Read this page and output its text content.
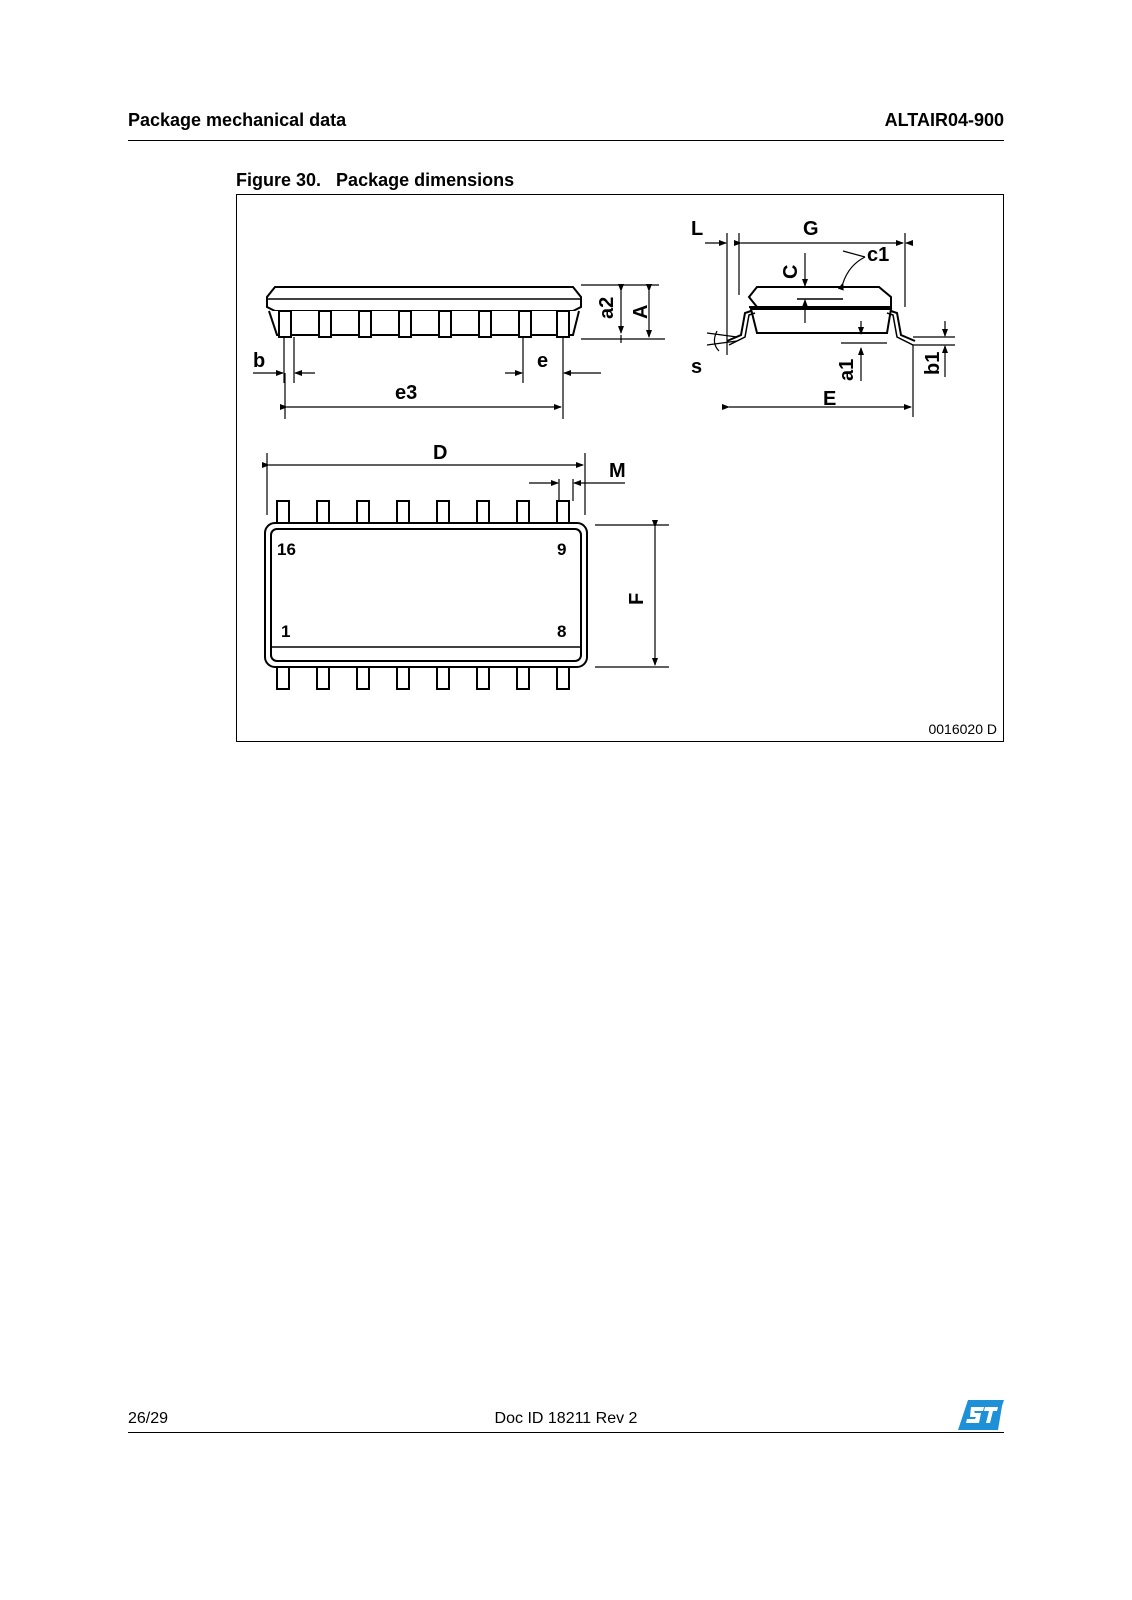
Package mechanical data	ALTAIR04-900
Figure 30. Package dimensions
a2 A
b	e
e3
L	G
C
c1
s	a1	b1
E
D
M
F
16	9
1	8
0016020 D
26/29	Doc ID 18211 Rev 2
